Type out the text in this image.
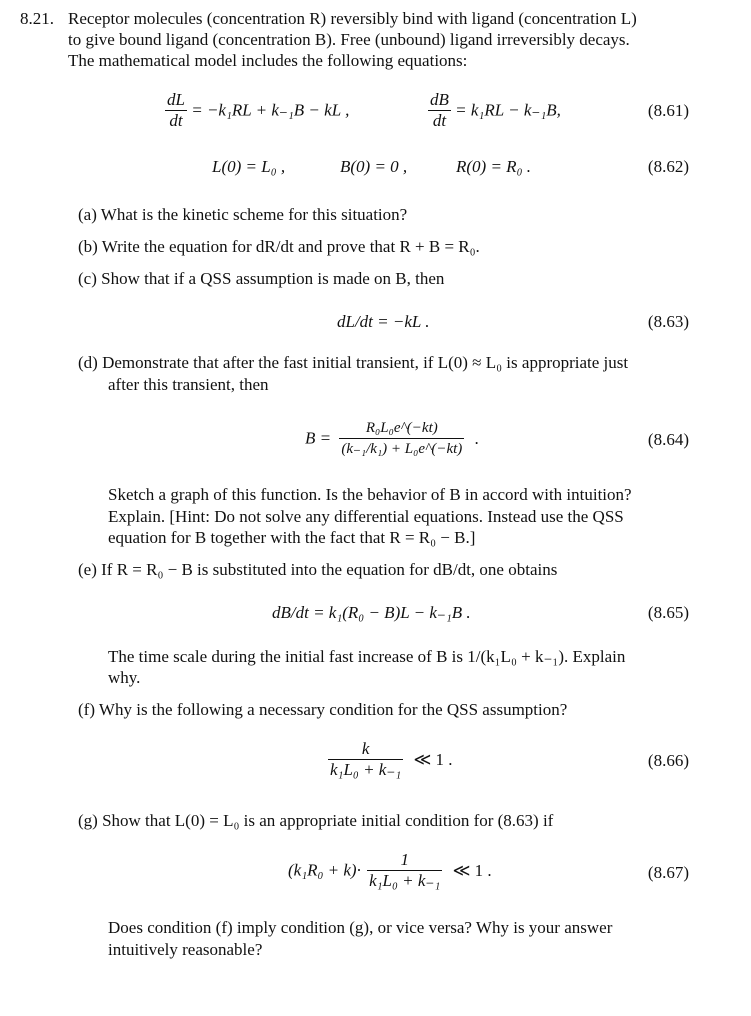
8.21. Receptor molecules (concentration R) reversibly bind with ligand (concentration L)
to give bound ligand (concentration B). Free (unbound) ligand irreversibly decays.
The mathematical model includes the following equations:
$\frac{dL}{dt} = -k_1RL + k_{-1}B$ − kL ,	$\frac{dB}{dt} = k_1RL - k_{-1}B$,	(8.61)
L(0) = L₀ ,	B(0) = 0 ,	R(0) = R₀ .	(8.62)
(a) What is the kinetic scheme for this situation?
(b) Write the equation for dR/dt and prove that R + B = R₀.
(c) Show that if a QSS assumption is made on B, then
dL/dt = −kL .	(8.63)
(d) Demonstrate that after the fast initial transient, if L(0) ≈ L₀ is appropriate just
after this transient, then
$B = \frac{\text{R₀L₀e\textasciicircum{}(−kt)}}{\text{(k₋₁/k₁) + L₀e\textasciicircum{}(−kt)}}$ .	(8.64)
Sketch a graph of this function. Is the behavior of B in accord with intuition?
Explain. [Hint: Do not solve any differential equations. Instead use the QSS
equation for B together with the fact that R = R₀ − B.]
(e) If R = R₀ − B is substituted into the equation for dB/dt, one obtains
dB/dt = k₁(R₀ − B)L − k₋₁B .	(8.65)
The time scale during the initial fast increase of B is 1/(k₁L₀ + k₋₁). Explain
why.
(f) Why is the following a necessary condition for the QSS assumption?
$\frac{k}{\text{k₁L₀ + k₋₁}}$ ≪ 1 .	(8.66)
(g) Show that L(0) = L₀ is an appropriate initial condition for (8.63) if
$(k_1R_0 + k)\cdot \frac{1}{\text{k₁L₀ + k₋₁}}$ ≪ 1 .	(8.67)
Does condition (f) imply condition (g), or vice versa? Why is your answer
intuitively reasonable?
